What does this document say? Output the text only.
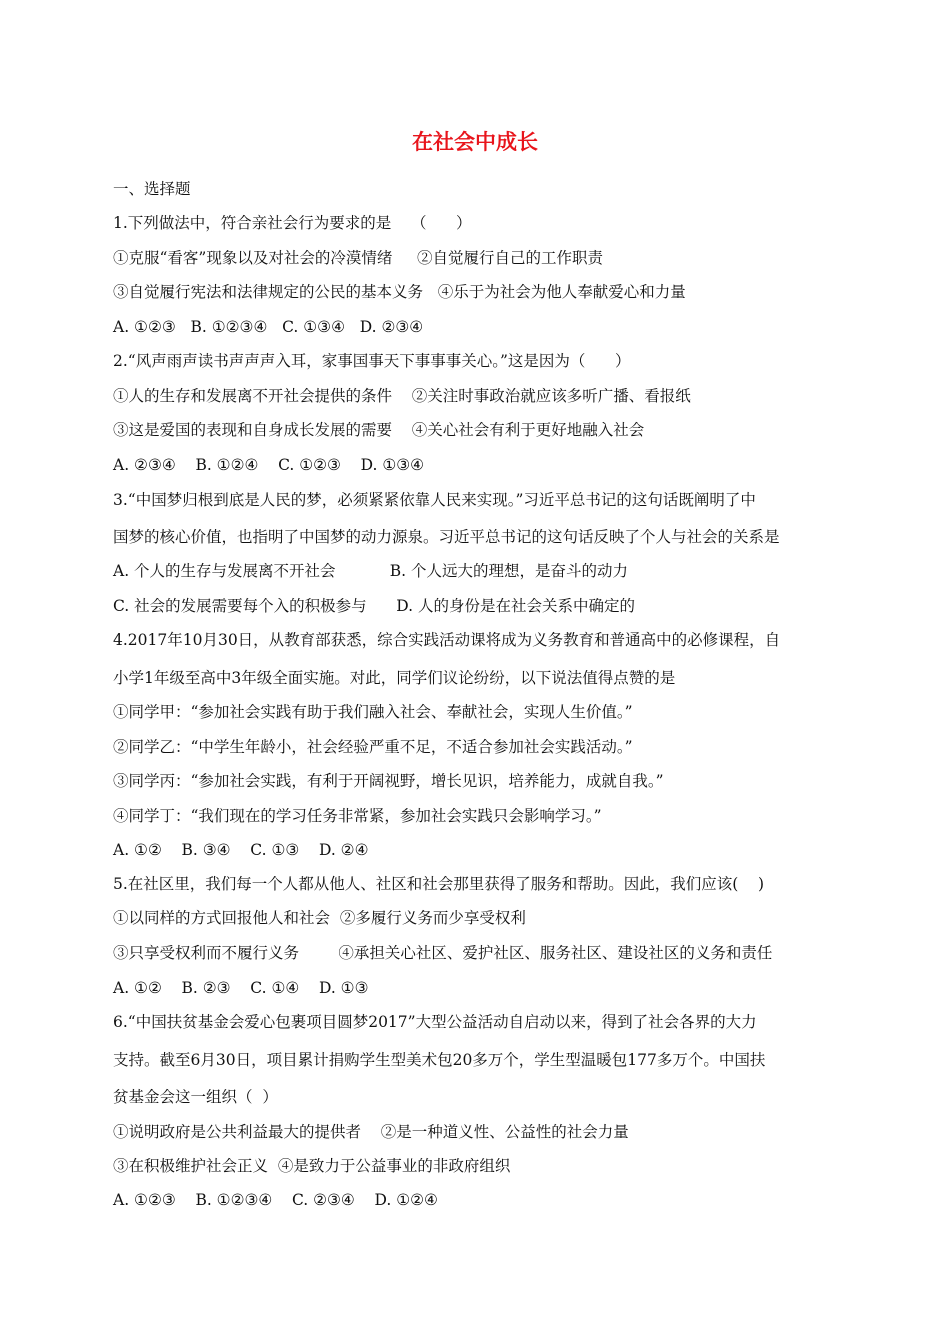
在社会中成长
一、选择题
1.下列做法中，符合亲社会行为要求的是    （      ）
①克服“看客”现象以及对社会的冷漠情绪     ②自觉履行自己的工作职责
③自觉履行宪法和法律规定的公民的基本义务   ④乐于为社会为他人奉献爱心和力量
A. ①②③   B. ①②③④   C. ①③④   D. ②③④
2.“风声雨声读书声声声入耳，家事国事天下事事事关心。”这是因为（      ）
①人的生存和发展离不开社会提供的条件    ②关注时事政治就应该多听广播、看报纸
③这是爱国的表现和自身成长发展的需要    ④关心社会有利于更好地融入社会
A. ②③④    B. ①②④    C. ①②③    D. ①③④
3.“中国梦归根到底是人民的梦，必须紧紧依靠人民来实现。”习近平总书记的这句话既阐明了中
国梦的核心价值，也指明了中国梦的动力源泉。习近平总书记的这句话反映了个人与社会的关系是
A. 个人的生存与发展离不开社会           B. 个人远大的理想，是奋斗的动力
C. 社会的发展需要每个入的积极参与      D. 人的身份是在社会关系中确定的
4.2017年10月30日，从教育部获悉，综合实践活动课将成为义务教育和普通高中的必修课程，自
小学1年级至高中3年级全面实施。对此，同学们议论纷纷，以下说法值得点赞的是
①同学甲：“参加社会实践有助于我们融入社会、奉献社会，实现人生价值。”
②同学乙：“中学生年龄小，社会经验严重不足，不适合参加社会实践活动。”
③同学丙：“参加社会实践，有利于开阔视野，增长见识，培养能力，成就自我。”
④同学丁：“我们现在的学习任务非常紧，参加社会实践只会影响学习。”
A. ①②    B. ③④    C. ①③    D. ②④
5.在社区里，我们每一个人都从他人、社区和社会那里获得了服务和帮助。因此，我们应该(    )
①以同样的方式回报他人和社会  ②多履行义务而少享受权利
③只享受权利而不履行义务        ④承担关心社区、爱护社区、服务社区、建设社区的义务和责任
A. ①②    B. ②③    C. ①④    D. ①③
6.“中国扶贫基金会爱心包裹项目圆梦2017”大型公益活动自启动以来，得到了社会各界的大力
支持。截至6月30日，项目累计捐购学生型美术包20多万个，学生型温暖包177多万个。中国扶
贫基金会这一组织（  ）
①说明政府是公共利益最大的提供者    ②是一种道义性、公益性的社会力量
③在积极维护社会正义  ④是致力于公益事业的非政府组织
A. ①②③    B. ①②③④    C. ②③④    D. ①②④
